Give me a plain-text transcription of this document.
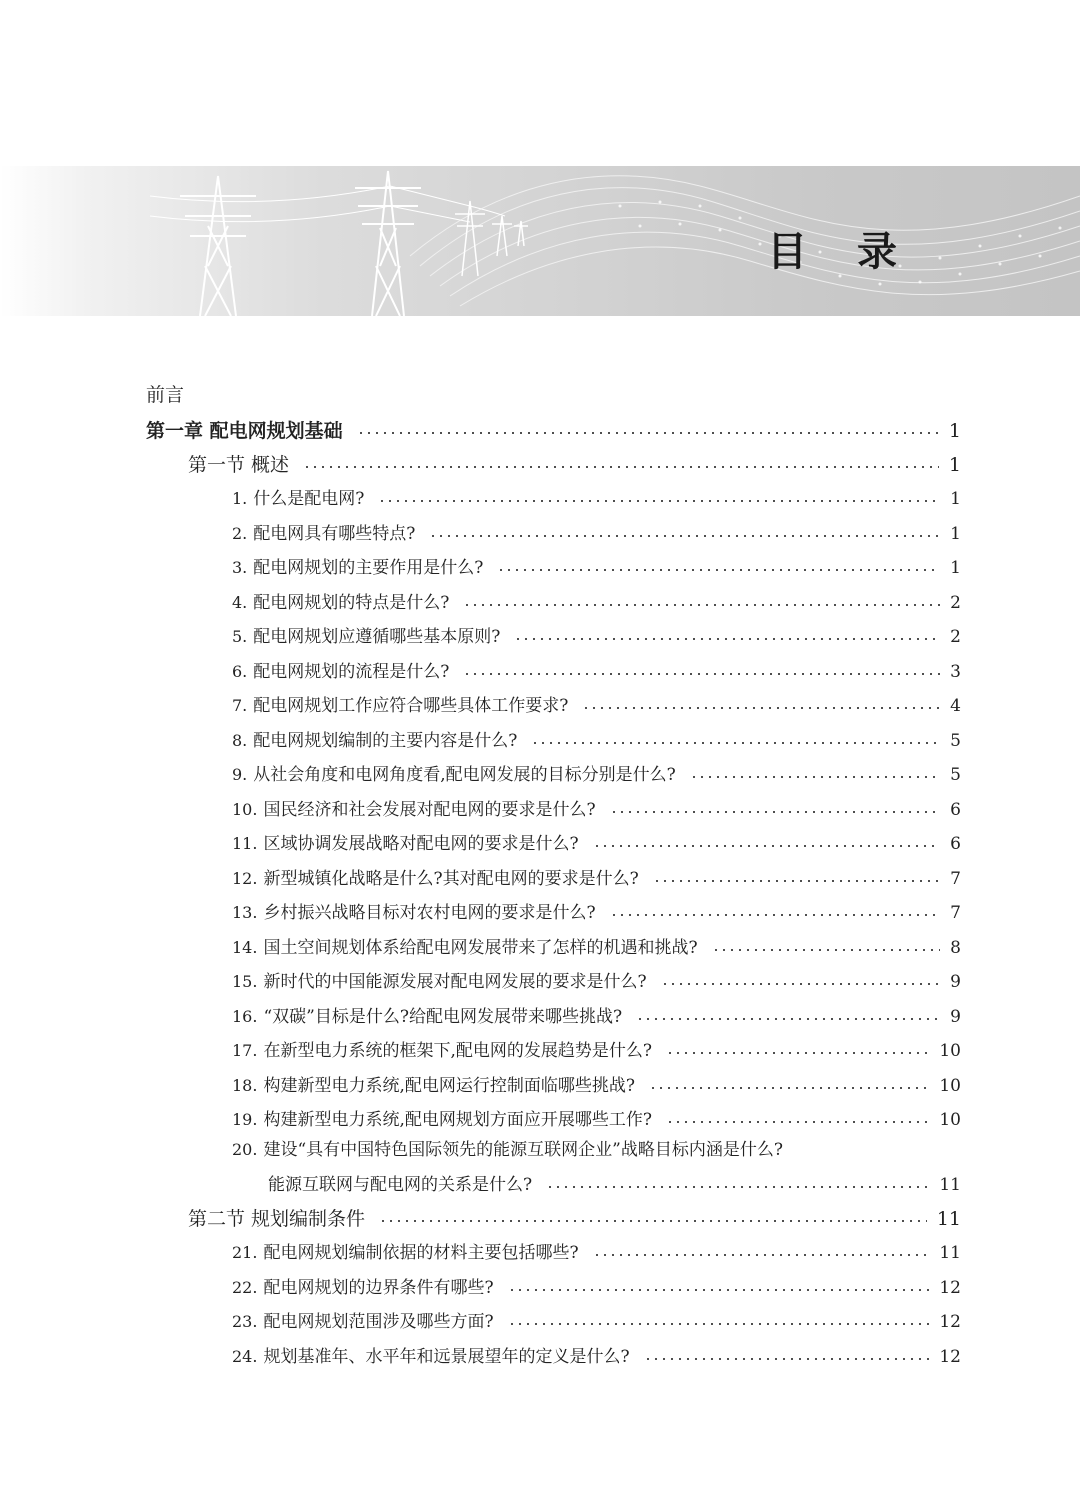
目 录
前言
第一章 配电网规划基础	1
第一节 概述	1
1. 什么是配电网?	1
2. 配电网具有哪些特点?	1
3. 配电网规划的主要作用是什么?	1
4. 配电网规划的特点是什么?	2
5. 配电网规划应遵循哪些基本原则?	2
6. 配电网规划的流程是什么?	3
7. 配电网规划工作应符合哪些具体工作要求?	4
8. 配电网规划编制的主要内容是什么?	5
9. 从社会角度和电网角度看,配电网发展的目标分别是什么?	5
10. 国民经济和社会发展对配电网的要求是什么?	6
11. 区域协调发展战略对配电网的要求是什么?	6
12. 新型城镇化战略是什么?其对配电网的要求是什么?	7
13. 乡村振兴战略目标对农村电网的要求是什么?	7
14. 国土空间规划体系给配电网发展带来了怎样的机遇和挑战?	8
15. 新时代的中国能源发展对配电网发展的要求是什么?	9
16. “双碳”目标是什么?给配电网发展带来哪些挑战?	9
17. 在新型电力系统的框架下,配电网的发展趋势是什么?	10
18. 构建新型电力系统,配电网运行控制面临哪些挑战?	10
19. 构建新型电力系统,配电网规划方面应开展哪些工作?	10
20. 建设“具有中国特色国际领先的能源互联网企业”战略目标内涵是什么?
能源互联网与配电网的关系是什么?	11
第二节 规划编制条件	11
21. 配电网规划编制依据的材料主要包括哪些?	11
22. 配电网规划的边界条件有哪些?	12
23. 配电网规划范围涉及哪些方面?	12
24. 规划基准年、水平年和远景展望年的定义是什么?	12
